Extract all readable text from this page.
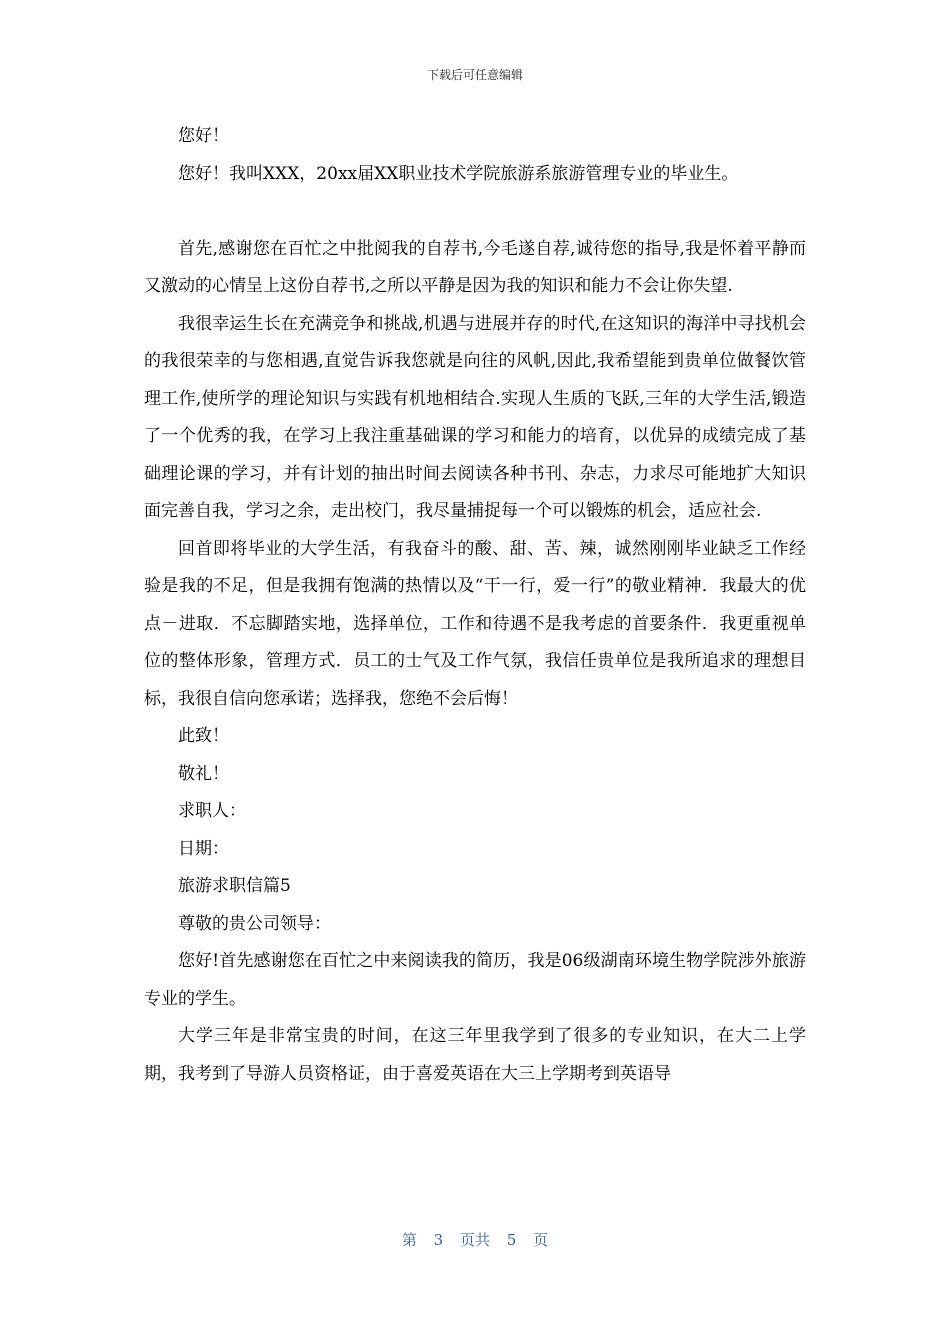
下载后可任意编辑

您好！

您好！我叫XXX，20xx届XX职业技术学院旅游系旅游管理专业的毕业生。

首先,感谢您在百忙之中批阅我的自荐书,今毛遂自荐,诚待您的指导,我是怀着平静而又激动的心情呈上这份自荐书,之所以平静是因为我的知识和能力不会让你失望.

我很幸运生长在充满竞争和挑战,机遇与进展并存的时代,在这知识的海洋中寻找机会的我很荣幸的与您相遇,直觉告诉我您就是向往的风帆,因此,我希望能到贵单位做餐饮管理工作,使所学的理论知识与实践有机地相结合.实现人生质的飞跃,三年的大学生活,锻造了一个优秀的我，在学习上我注重基础课的学习和能力的培育，以优异的成绩完成了基础理论课的学习，并有计划的抽出时间去阅读各种书刊、杂志，力求尽可能地扩大知识面完善自我，学习之余，走出校门，我尽量捕捉每一个可以锻炼的机会，适应社会.

回首即将毕业的大学生活，有我奋斗的酸、甜、苦、辣，诚然刚刚毕业缺乏工作经验是我的不足，但是我拥有饱满的热情以及“干一行，爱一行”的敬业精神．我最大的优点－进取．不忘脚踏实地，选择单位，工作和待遇不是我考虑的首要条件．我更重视单位的整体形象，管理方式．员工的士气及工作气氛，我信任贵单位是我所追求的理想目标，我很自信向您承诺；选择我，您绝不会后悔！

此致！

敬礼！

求职人：

日期：

旅游求职信篇5

尊敬的贵公司领导：

您好!首先感谢您在百忙之中来阅读我的简历，我是06级湖南环境生物学院涉外旅游专业的学生。

大学三年是非常宝贵的时间，在这三年里我学到了很多的专业知识，在大二上学期，我考到了导游人员资格证，由于喜爱英语在大三上学期考到英语导

第 3 页共 5 页
